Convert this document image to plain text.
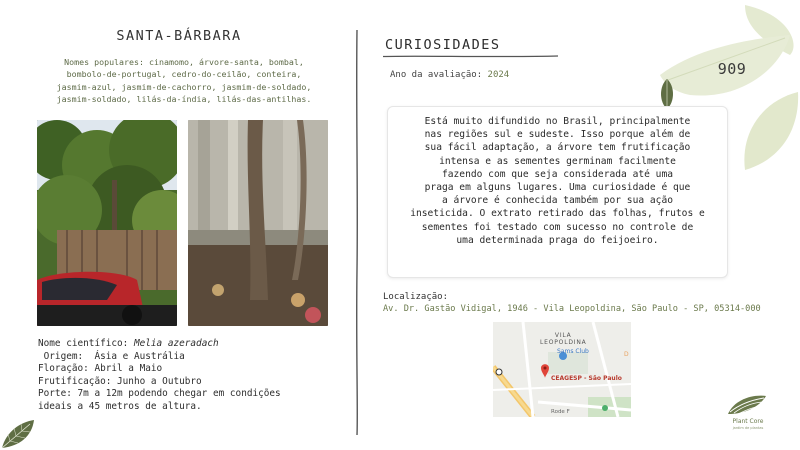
SANTA-BÁRBARA
Nomes populares: cinamomo, árvore-santa, bombal,
bombolo-de-portugal, cedro-do-ceilão, conteira,
jasmim-azul, jasmim-de-cachorro, jasmim-de-soldado,
jasmim-soldado, lilás-da-índia, lilás-das-antilhas.
Nome científico: Melia azeradach
Origem:  Ásia e Austrália
Floração: Abril a Maio
Frutificação: Junho a Outubro
Porte: 7m a 12m podendo chegar em condições
ideais a 45 metros de altura.
CURIOSIDADES
Ano da avaliação: 2024	909
Está muito difundido no Brasil, principalmente
nas regiões sul e sudeste. Isso porque além de
sua fácil adaptação, a árvore tem frutificação
intensa e as sementes germinam facilmente
fazendo com que seja considerada até uma
praga em alguns lugares. Uma curiosidade é que
a árvore é conhecida também por sua ação
inseticida. O extrato retirado das folhas, frutos e
sementes foi testado com sucesso no controle de
uma determinada praga do feijoeiro.
Localização:
Av. Dr. Gastão Vidigal, 1946 - Vila Leopoldina, São Paulo - SP, 05314-000
D
VILA
LEOPOLDINA
Sams Club
CEAGESP - São Paulo
Rode F
Plant Core
jardim de plantas
